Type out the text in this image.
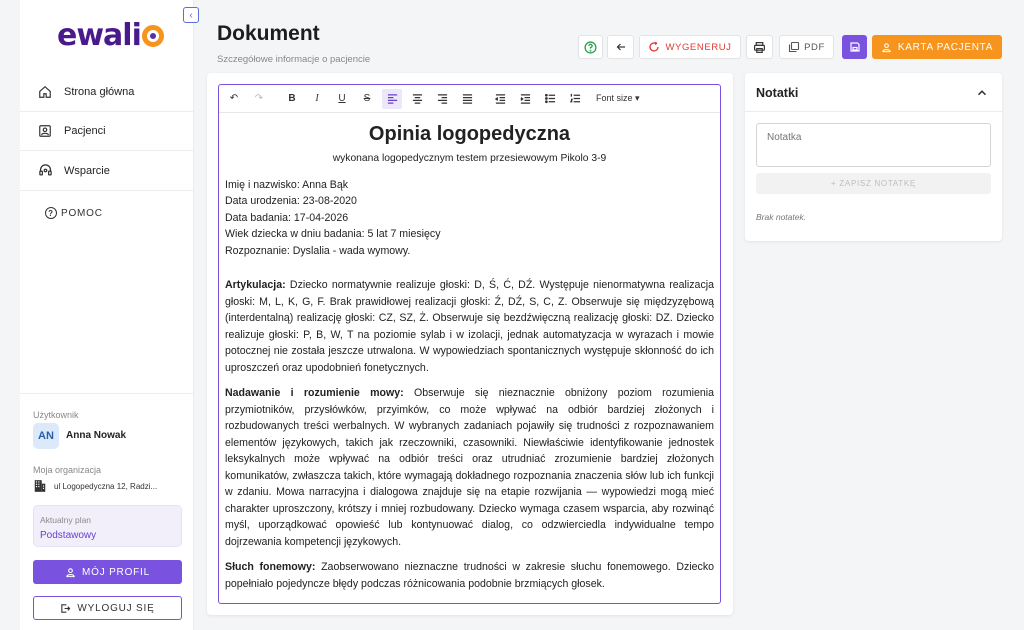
ewali
Strona główna
Pacjenci
Wsparcie
? POMOC
Użytkownik
AN	Anna Nowak
Moja organizacja
ul Logopedyczna 12, Radzi...
Aktualny plan
Podstawowy
MÓJ PROFIL
WYLOGUJ SIĘ
‹
Dokument
Szczegółowe informacje o pacjencie
WYGENERUJ	PDF	KARTA PACJENTA
↶	↷	B	I	U	S	Font size ▾
Opinia logopedyczna
wykonana logopedycznym testem przesiewowym Pikolo 3-9
Imię i nazwisko: Anna Bąk
Data urodzenia: 23-08-2020
Data badania: 17-04-2026
Wiek dziecka w dniu badania: 5 lat 7 miesięcy
Rozpoznanie: Dyslalia - wada wymowy.

Artykulacja: Dziecko normatywnie realizuje głoski: D, Ś, Ć, DŹ. Występuje nienormatywna realizacja głoski: M, L, K, G, F. Brak prawidłowej realizacji głoski: Ź, DŹ, S, C, Z. Obserwuje się międzyzębową (interdentalną) realizację głoski: CZ, SZ, Ż. Obserwuje się bezdźwięczną realizację głoski: DZ. Dziecko realizuje głoski: P, B, W, T na poziomie sylab i w izolacji, jednak automatyzacja w wyrazach i mowie potocznej nie została jeszcze utrwalona. W wypowiedziach spontanicznych występuje skłonność do ich uproszczeń oraz upodobnień fonetycznych.

Nadawanie i rozumienie mowy: Obserwuje się nieznacznie obniżony poziom rozumienia przymiotników, przysłówków, przyimków, co może wpływać na odbiór bardziej złożonych i rozbudowanych treści werbalnych. W wybranych zadaniach pojawiły się trudności z rozpoznawaniem elementów językowych, takich jak rzeczowniki, czasowniki. Niewłaściwie identyfikowanie jednostek leksykalnych może wpływać na odbiór treści oraz utrudniać zrozumienie bardziej złożonych komunikatów, zwłaszcza takich, które wymagają dokładnego rozpoznania znaczenia słów lub ich funkcji w zdaniu. Mowa narracyjna i dialogowa znajduje się na etapie rozwijania — wypowiedzi mogą mieć charakter uproszczony, krótszy i mniej rozbudowany. Dziecko wymaga czasem wsparcia, aby rozwinąć myśl, uporządkować opowieść lub kontynuować dialog, co odzwierciedla indywidualne tempo dojrzewania kompetencji językowych.

Słuch fonemowy: Zaobserwowano nieznaczne trudności w zakresie słuchu fonemowego. Dziecko popełniało pojedyncze błędy podczas różnicowania podobnie brzmiących głosek.

Notatki
Notatka
+ ZAPISZ NOTATKĘ
Brak notatek.
